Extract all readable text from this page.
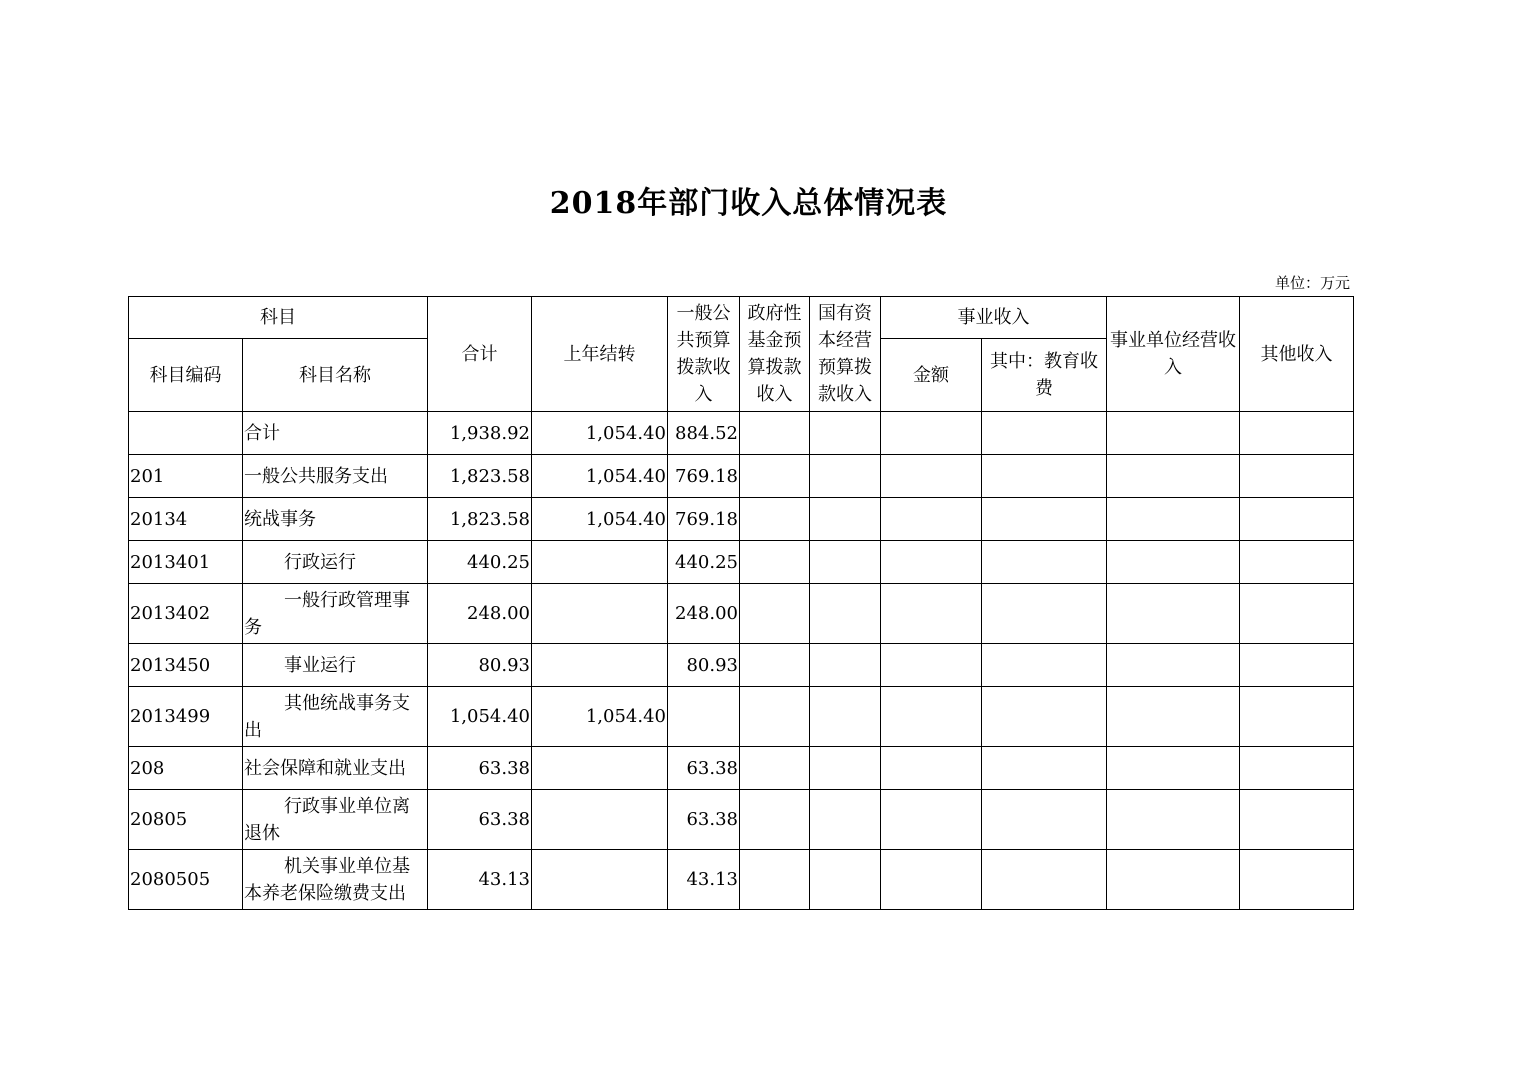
2018年部门收入总体情况表
单位：万元
科目		合计	上年结转	一般公共预算拨款收入	政府性基金预算拨款收入	国有资本经营预算拨款收入	事业收入		事业单位经营收入	其他收入
科目编码	科目名称						金额	其中：教育收费		
	合计	1,938.92	1,054.40	884.52						
201	一般公共服务支出	1,823.58	1,054.40	769.18						
20134	统战事务	1,823.58	1,054.40	769.18						
2013401	行政运行	440.25		440.25						
2013402	一般行政管理事务	248.00		248.00						
2013450	事业运行	80.93		80.93						
2013499	其他统战事务支出	1,054.40	1,054.40							
208	社会保障和就业支出	63.38		63.38						
20805	行政事业单位离退休	63.38		63.38						
2080505	机关事业单位基本养老保险缴费支出	43.13		43.13						
